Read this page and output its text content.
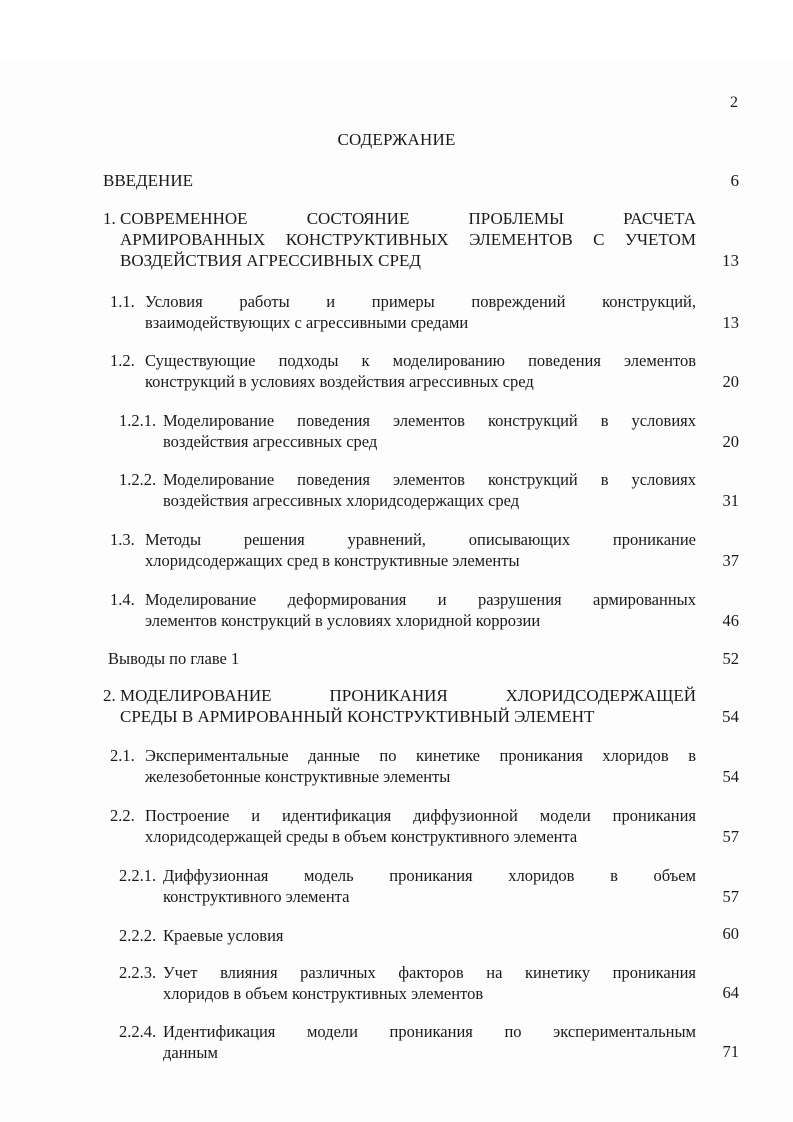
2
СОДЕРЖАНИЕ
ВВЕДЕНИЕ	6
1. СОВРЕМЕННОЕ СОСТОЯНИЕ ПРОБЛЕМЫ РАСЧЕТА
АРМИРОВАННЫХ КОНСТРУКТИВНЫХ ЭЛЕМЕНТОВ С УЧЕТОМ
ВОЗДЕЙСТВИЯ АГРЕССИВНЫХ СРЕД	13
1.1. Условия работы и примеры повреждений конструкций,
взаимодействующих с агрессивными средами	13
1.2. Существующие подходы к моделированию поведения элементов
конструкций в условиях воздействия агрессивных сред	20
1.2.1. Моделирование поведения элементов конструкций в условиях
воздействия агрессивных сред	20
1.2.2. Моделирование поведения элементов конструкций в условиях
воздействия агрессивных хлоридсодержащих сред	31
1.3. Методы решения уравнений, описывающих проникание
хлоридсодержащих сред в конструктивные элементы	37
1.4. Моделирование деформирования и разрушения армированных
элементов конструкций в условиях хлоридной коррозии	46
Выводы по главе 1	52
2. МОДЕЛИРОВАНИЕ ПРОНИКАНИЯ ХЛОРИДСОДЕРЖАЩЕЙ
СРЕДЫ В АРМИРОВАННЫЙ КОНСТРУКТИВНЫЙ ЭЛЕМЕНТ	54
2.1. Экспериментальные данные по кинетике проникания хлоридов в
железобетонные конструктивные элементы	54
2.2. Построение и идентификация диффузионной модели проникания
хлоридсодержащей среды в объем конструктивного элемента	57
2.2.1. Диффузионная модель проникания хлоридов в объем
конструктивного элемента	57
2.2.2. Краевые условия	60
2.2.3. Учет влияния различных факторов на кинетику проникания
хлоридов в объем конструктивных элементов	64
2.2.4. Идентификация модели проникания по экспериментальным
данным	71
